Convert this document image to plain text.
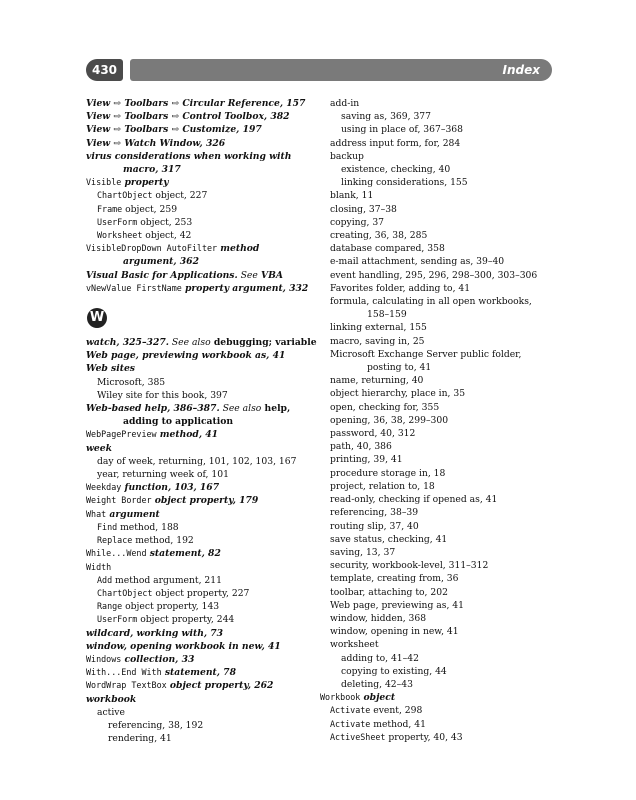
430	Index
View ⇨ Toolbars ⇨ Circular Reference, 157
View ⇨ Toolbars ⇨ Control Toolbox, 382
View ⇨ Toolbars ⇨ Customize, 197
View ⇨ Watch Window, 326
virus considerations when working with macro, 317
Visible property
ChartObject object, 227
Frame object, 259
UserForm object, 253
Worksheet object, 42
VisibleDropDown AutoFilter method argument, 362
Visual Basic for Applications. See VBA
vNewValue FirstName property argument, 332
W
watch, 325–327. See also debugging; variable
Web page, previewing workbook as, 41
Web sites
Microsoft, 385
Wiley site for this book, 397
Web-based help, 386–387. See also help, adding to application
WebPagePreview method, 41
week
day of week, returning, 101, 102, 103, 167
year, returning week of, 101
Weekday function, 103, 167
Weight Border object property, 179
What argument
Find method, 188
Replace method, 192
While...Wend statement, 82
Width
Add method argument, 211
ChartObject object property, 227
Range object property, 143
UserForm object property, 244
wildcard, working with, 73
window, opening workbook in new, 41
Windows collection, 33
With...End With statement, 78
WordWrap TextBox object property, 262
workbook
active
referencing, 38, 192
rendering, 41
add-in
saving as, 369, 377
using in place of, 367–368
address input form, for, 284
backup
existence, checking, 40
linking considerations, 155
blank, 11
closing, 37–38
copying, 37
creating, 36, 38, 285
database compared, 358
e-mail attachment, sending as, 39–40
event handling, 295, 296, 298–300, 303–306
Favorites folder, adding to, 41
formula, calculating in all open workbooks, 158–159
linking external, 155
macro, saving in, 25
Microsoft Exchange Server public folder, posting to, 41
name, returning, 40
object hierarchy, place in, 35
open, checking for, 355
opening, 36, 38, 299–300
password, 40, 312
path, 40, 386
printing, 39, 41
procedure storage in, 18
project, relation to, 18
read-only, checking if opened as, 41
referencing, 38–39
routing slip, 37, 40
save status, checking, 41
saving, 13, 37
security, workbook-level, 311–312
template, creating from, 36
toolbar, attaching to, 202
Web page, previewing as, 41
window, hidden, 368
window, opening in new, 41
worksheet
adding to, 41–42
copying to existing, 44
deleting, 42–43
Workbook object
Activate event, 298
Activate method, 41
ActiveSheet property, 40, 43
